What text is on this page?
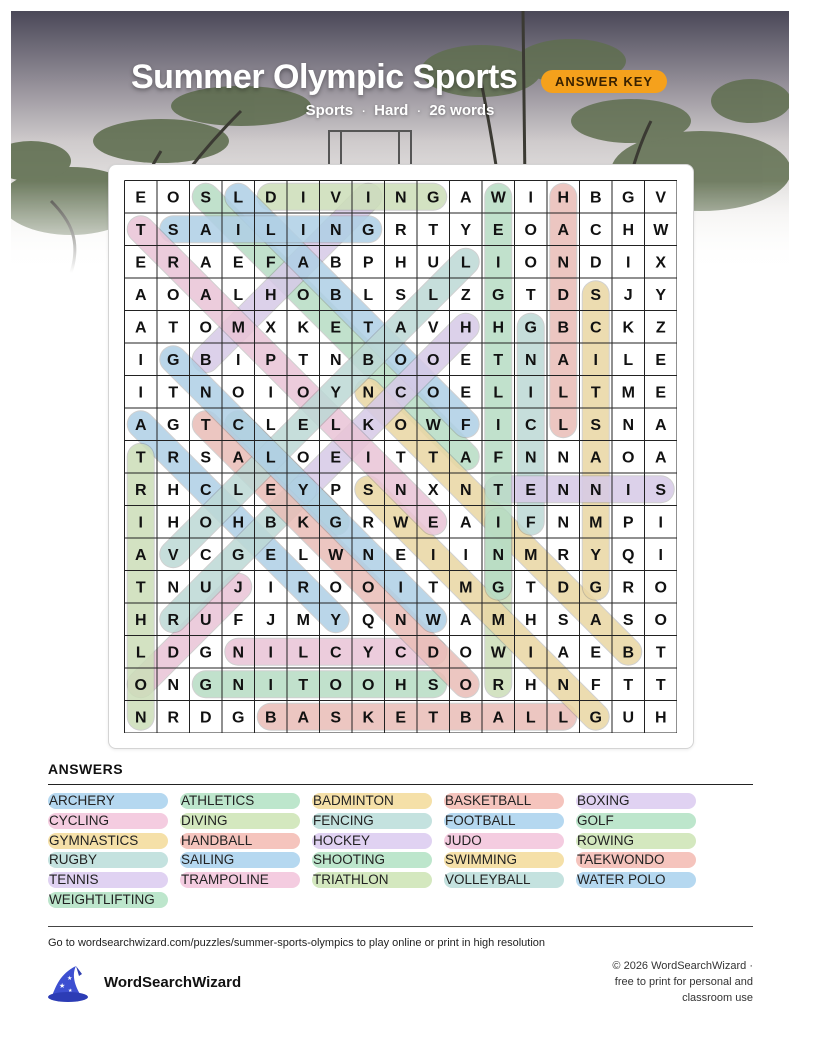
Summer Olympic Sports	ANSWER KEY
Sports · Hard · 26 words
E O S L D I V I N G A W I H B G V
T S A I L I N G R T Y E O A C H W
E R A E F A B P H U L I O N D I X
A O A L H O B L S L Z G T D S J Y
A T O M X K E T A V H H G B C K Z
I G B I P T N B O O E T N A I L E
I T N O I O Y N C O E L I L T M E
A G T C L E L K O W F I C L S N A
T R S A L O E I T T A F N N A O A
R H C L E Y P S N X N T E N N I S
I H O H B K G R W E A I F N M P I
A V C G E L W N E I I N M R Y Q I
T N U J I R O O I T M G T D G R O
H R U F J M Y Q N W A M H S A S O
L D G N I L C Y C D O W I A E B T
O N G N I T O O H S O R H N F T T
N R D G B A S K E T B A L L G U H
ANSWERS
ARCHERY
CYCLING
GYMNASTICS
RUGBY
TENNIS
WEIGHTLIFTING
ATHLETICS
DIVING
HANDBALL
SAILING
TRAMPOLINE
BADMINTON
FENCING
HOCKEY
SHOOTING
TRIATHLON
BASKETBALL
FOOTBALL
JUDO
SWIMMING
VOLLEYBALL
BOXING
GOLF
ROWING
TAEKWONDO
WATER POLO
Go to wordsearchwizard.com/puzzles/summer-sports-olympics to play online or print in high resolution
★
★
★ WordSearchWizard
© 2026 WordSearchWizard ·
free to print for personal and
classroom use
